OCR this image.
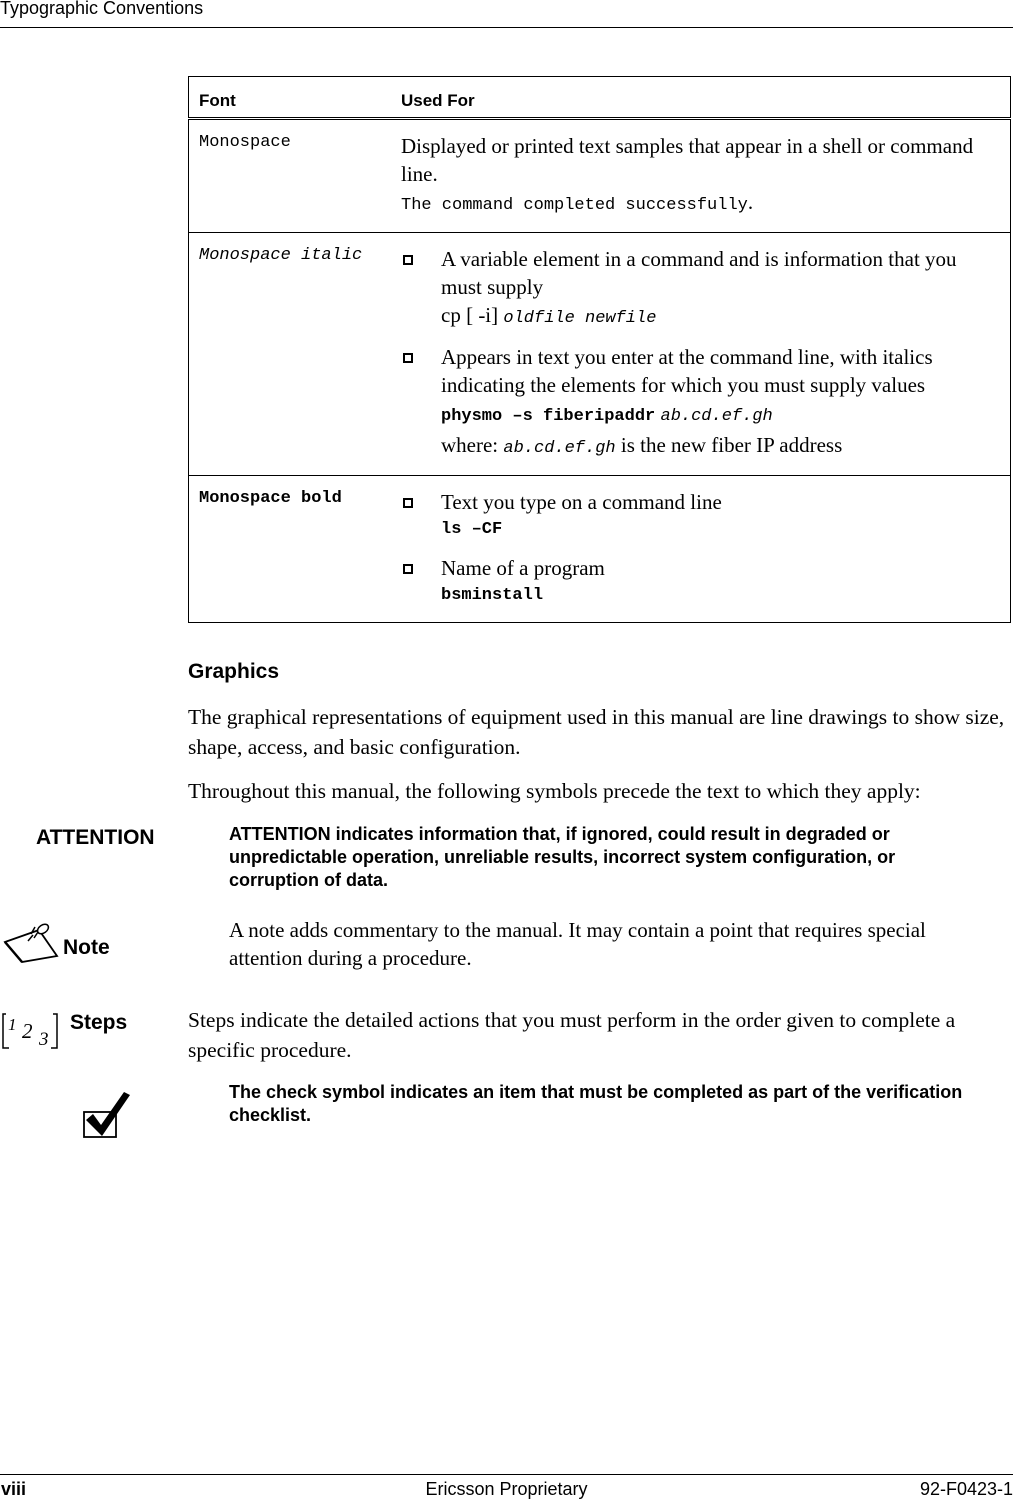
Typographic Conventions
Font	Used For
Monospace	Displayed or printed text samples that appear in a shell or command line.
The command completed successfully.

Monospace italic	A variable element in a command and is information that you must supply
cp [ -i] oldfile newfile
Appears in text you enter at the command line, with italics indicating the elements for which you must supply values
physmo –s fiberipaddr ab.cd.ef.gh
where: ab.cd.ef.gh is the new fiber IP address

Monospace bold	Text you type on a command line
ls –CF
Name of a program
bsminstall
Graphics
The graphical representations of equipment used in this manual are line drawings to show size, shape, access, and basic configuration.
Throughout this manual, the following symbols precede the text to which they apply:
ATTENTION	ATTENTION indicates information that, if ignored, could result in degraded or unpredictable operation, unreliable results, incorrect system configuration, or corruption of data.
Note
A note adds commentary to the manual. It may contain a point that requires special attention during a procedure.
1 2 3
Steps	Steps indicate the detailed actions that you must perform in the order given to complete a specific procedure.
The check symbol indicates an item that must be completed as part of the verification checklist.
viii	Ericsson Proprietary	92-F0423-1
